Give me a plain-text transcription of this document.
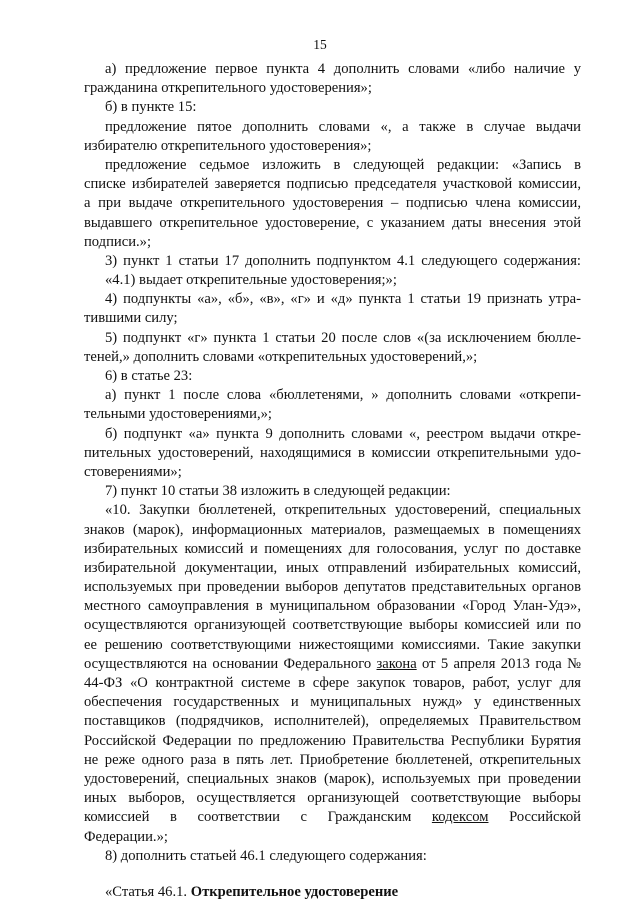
15
а) предложение первое пункта 4 дополнить словами «либо наличие у
гражданина открепительного удостоверения»;
б) в пункте 15:
предложение пятое дополнить словами «, а также в случае выдачи
избирателю открепительного удостоверения»;
предложение седьмое изложить в следующей редакции: «Запись в
списке избирателей заверяется подписью председателя участковой комиссии,
а при выдаче открепительного удостоверения – подписью члена комиссии,
выдавшего открепительное удостоверение, с указанием даты внесения этой
подписи.»;
3) пункт 1 статьи 17 дополнить подпунктом 4.1 следующего содержания:
«4.1) выдает открепительные удостоверения;»;
4) подпункты «а», «б», «в», «г» и «д» пункта 1 статьи 19 признать утра-
тившими силу;
5) подпункт «г» пункта 1 статьи 20 после слов «(за исключением бюлле-
теней,» дополнить словами «открепительных удостоверений,»;
6) в статье 23:
а) пункт 1 после слова «бюллетенями, » дополнить словами «открепи-
тельными удостоверениями,»;
б) подпункт «а» пункта 9 дополнить словами «, реестром выдачи откре-
пительных удостоверений, находящимися в комиссии открепительными удо-
стоверениями»;
7) пункт 10 статьи 38 изложить в следующей редакции:
«10. Закупки бюллетеней, открепительных удостоверений, специальных
знаков (марок), информационных материалов, размещаемых в помещениях
избирательных комиссий и помещениях для голосования, услуг по доставке
избирательной документации, иных отправлений избирательных комиссий,
используемых при проведении выборов депутатов представительных органов
местного самоуправления в муниципальном образовании «Город Улан-Удэ»,
осуществляются организующей соответствующие выборы комиссией или по
ее решению соответствующими нижестоящими комиссиями. Такие закупки
осуществляются на основании Федерального закона от 5 апреля 2013 года №
44-ФЗ «О контрактной системе в сфере закупок товаров, работ, услуг для
обеспечения государственных и муниципальных нужд» у единственных
поставщиков (подрядчиков, исполнителей), определяемых Правительством
Российской Федерации по предложению Правительства Республики Бурятия
не реже одного раза в пять лет. Приобретение бюллетеней, открепительных
удостоверений, специальных знаков (марок), используемых при проведении
иных выборов, осуществляется организующей соответствующие выборы
комиссией в соответствии с Гражданским кодексом Российской
Федерации.»;
8) дополнить статьей 46.1 следующего содержания:
«Статья 46.1. Открепительное удостоверение
